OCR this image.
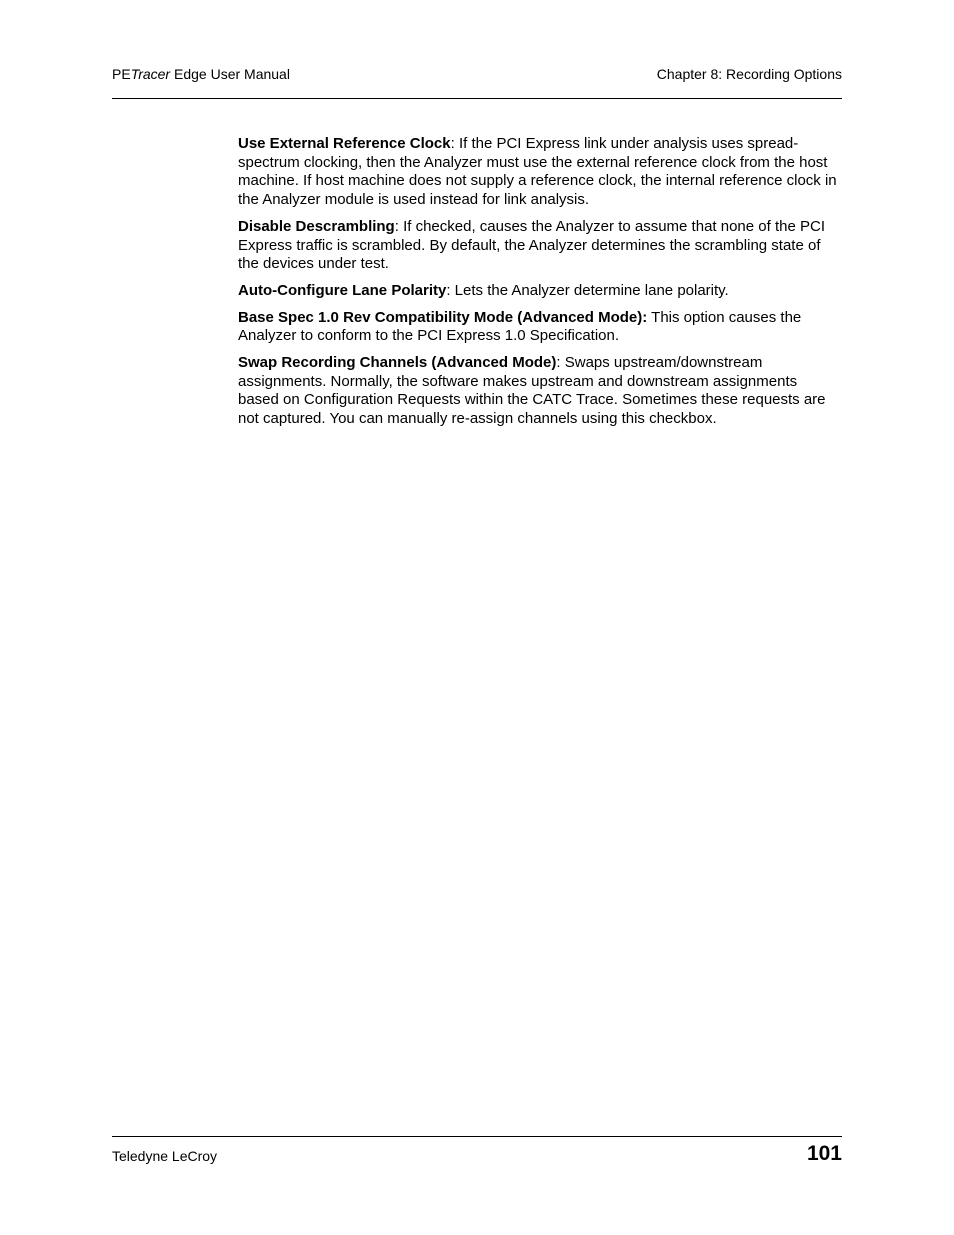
PETracer Edge User Manual	Chapter 8: Recording Options

Use External Reference Clock: If the PCI Express link under analysis uses spread-spectrum clocking, then the Analyzer must use the external reference clock from the host machine. If host machine does not supply a reference clock, the internal reference clock in the Analyzer module is used instead for link analysis.

Disable Descrambling: If checked, causes the Analyzer to assume that none of the PCI Express traffic is scrambled. By default, the Analyzer determines the scrambling state of the devices under test.

Auto-Configure Lane Polarity: Lets the Analyzer determine lane polarity.

Base Spec 1.0 Rev Compatibility Mode (Advanced Mode): This option causes the Analyzer to conform to the PCI Express 1.0 Specification.

Swap Recording Channels (Advanced Mode): Swaps upstream/downstream assignments. Normally, the software makes upstream and downstream assignments based on Configuration Requests within the CATC Trace. Sometimes these requests are not captured. You can manually re-assign channels using this checkbox.

Teledyne LeCroy	101
